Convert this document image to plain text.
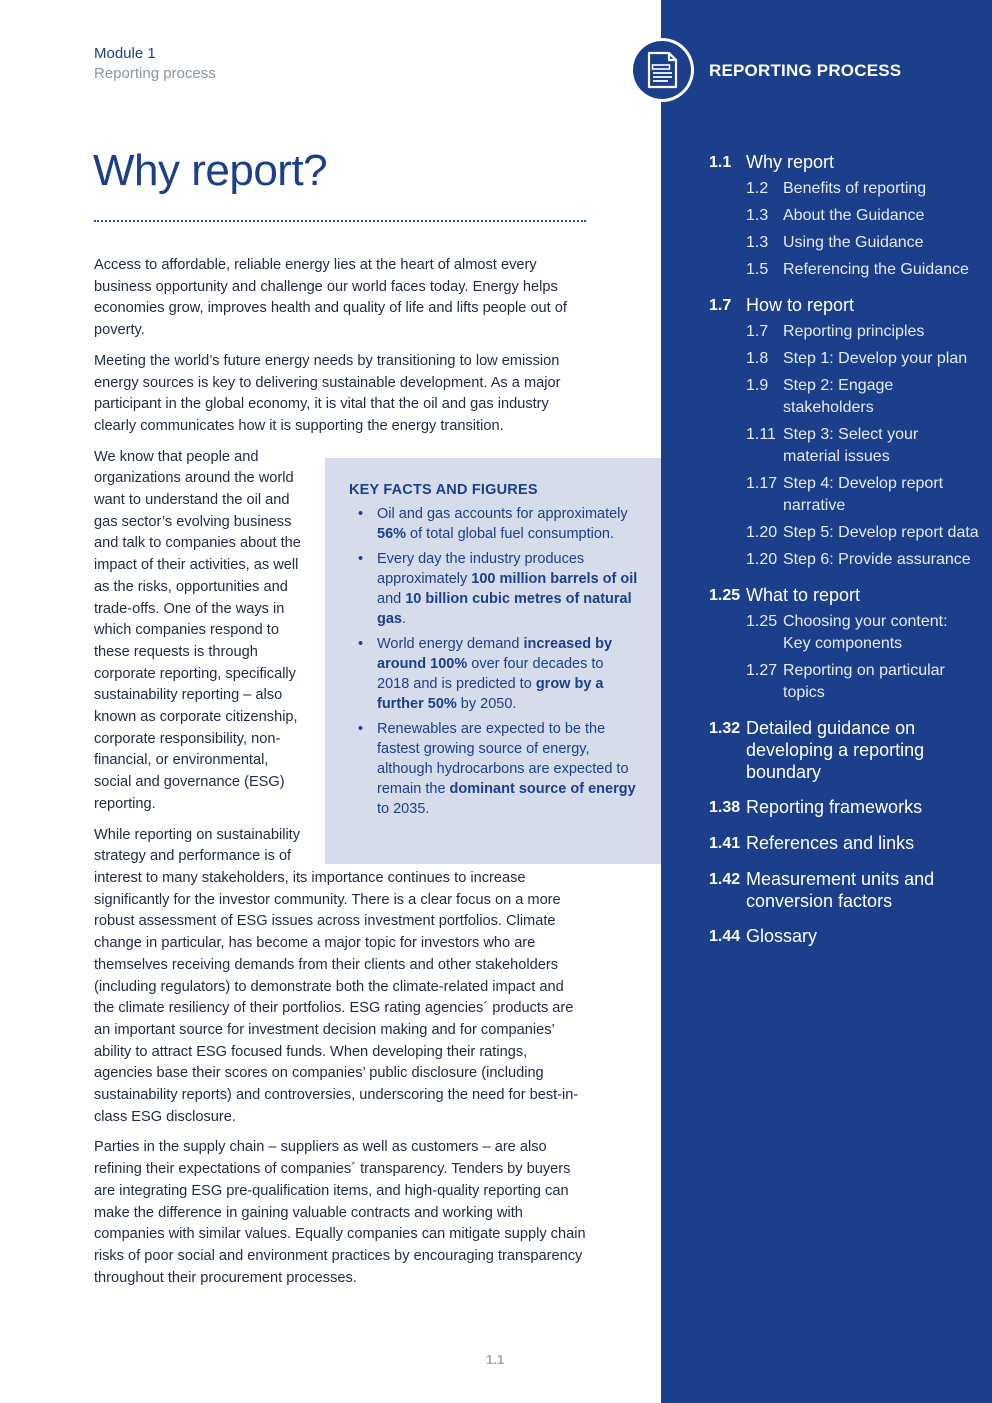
Module 1
Reporting process
Why report?

Access to affordable, reliable energy lies at the heart of almost every business opportunity and challenge our world faces today. Energy helps economies grow, improves health and quality of life and lifts people out of poverty.

Meeting the world’s future energy needs by transitioning to low emission energy sources is key to delivering sustainable development. As a major participant in the global economy, it is vital that the oil and gas industry clearly communicates how it is supporting the energy transition.

We know that people and organizations around the world want to understand the oil and gas sector’s evolving business and talk to companies about the impact of their activities, as well as the risks, opportunities and trade-offs. One of the ways in which companies respond to these requests is through corporate reporting, specifically sustainability reporting – also known as corporate citizenship, corporate responsibility, non-financial, or environmental, social and governance (ESG) reporting.

While reporting on sustainability strategy and performance is of interest to many stakeholders, its importance continues to increase significantly for the investor community. There is a clear focus on a more robust assessment of ESG issues across investment portfolios. Climate change in particular, has become a major topic for investors who are themselves receiving demands from their clients and other stakeholders (including regulators) to demonstrate both the climate-related impact and the climate resiliency of their portfolios. ESG rating agencies´ products are an important source for investment decision making and for companies’ ability to attract ESG focused funds. When developing their ratings, agencies base their scores on companies’ public disclosure (including sustainability reports) and controversies, underscoring the need for best-in-class ESG disclosure.

Parties in the supply chain – suppliers as well as customers – are also refining their expectations of companies´ transparency. Tenders by buyers are integrating ESG pre-qualification items, and high-quality reporting can make the difference in gaining valuable contracts and working with companies with similar values. Equally companies can mitigate supply chain risks of poor social and environment practices by encouraging transparency throughout their procurement processes.

KEY FACTS AND FIGURES
• Oil and gas accounts for approximately 56% of total global fuel consumption.
• Every day the industry produces approximately 100 million barrels of oil and 10 billion cubic metres of natural gas.
• World energy demand increased by around 100% over four decades to 2018 and is predicted to grow by a further 50% by 2050.
• Renewables are expected to be the fastest growing source of energy, although hydrocarbons are expected to remain the dominant source of energy to 2035.
1.1
REPORTING PROCESS
1.1 Why report
1.2 Benefits of reporting
1.3 About the Guidance
1.3 Using the Guidance
1.5 Referencing the Guidance
1.7 How to report
1.7 Reporting principles
1.8 Step 1: Develop your plan
1.9 Step 2: Engage stakeholders
1.11 Step 3: Select your material issues
1.17 Step 4: Develop report narrative
1.20 Step 5: Develop report data
1.20 Step 6: Provide assurance
1.25 What to report
1.25 Choosing your content: Key components
1.27 Reporting on particular topics
1.32 Detailed guidance on developing a reporting boundary
1.38 Reporting frameworks
1.41 References and links
1.42 Measurement units and conversion factors
1.44 Glossary
